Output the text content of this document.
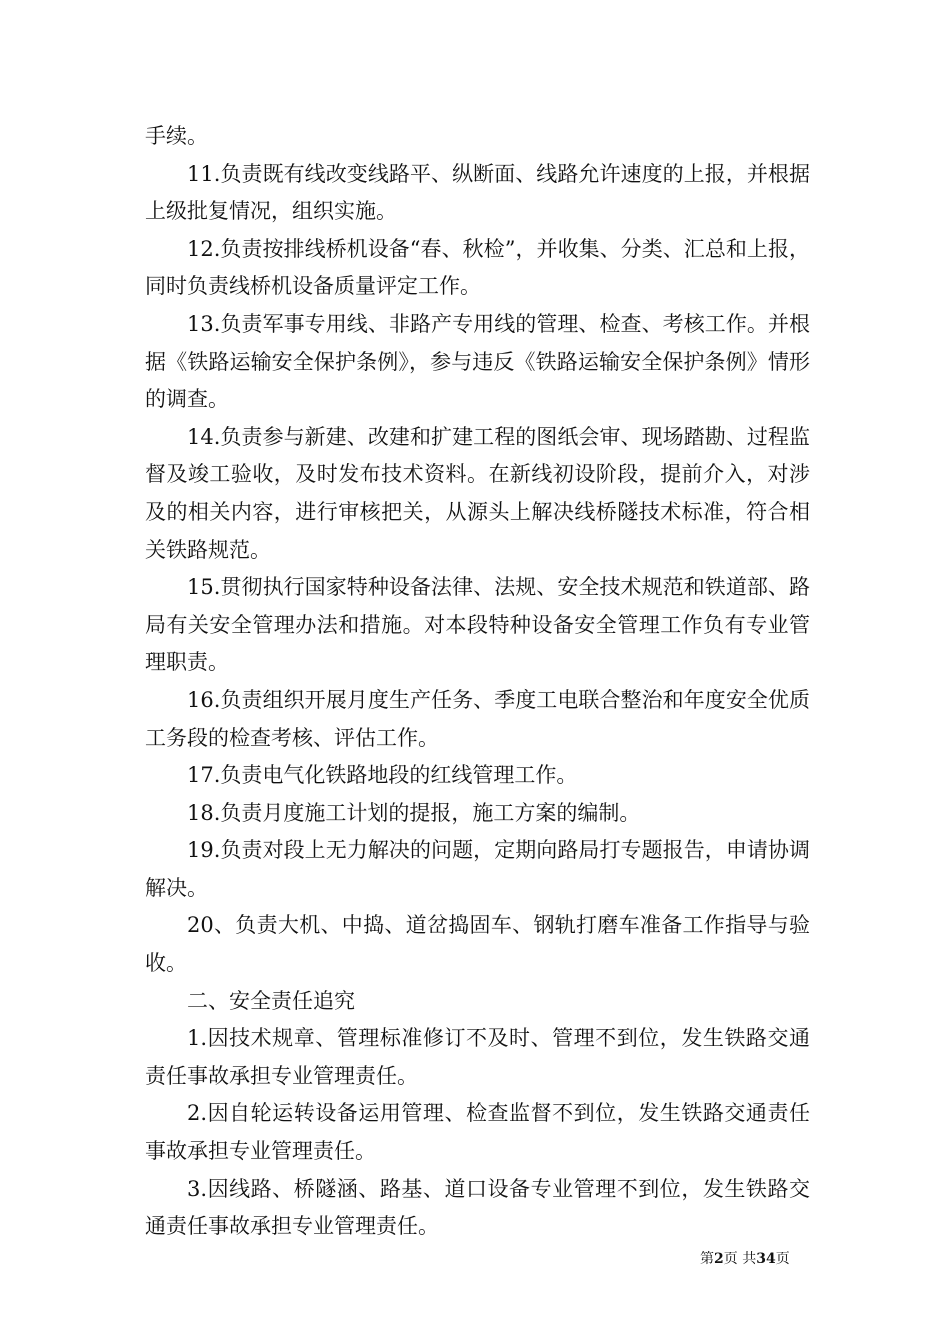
手续。

11.负责既有线改变线路平、纵断面、线路允许速度的上报，并根据上级批复情况，组织实施。

12.负责按排线桥机设备“春、秋检”，并收集、分类、汇总和上报，同时负责线桥机设备质量评定工作。

13.负责军事专用线、非路产专用线的管理、检查、考核工作。并根据《铁路运输安全保护条例》，参与违反《铁路运输安全保护条例》情形的调查。

14.负责参与新建、改建和扩建工程的图纸会审、现场踏勘、过程监督及竣工验收，及时发布技术资料。在新线初设阶段，提前介入，对涉及的相关内容，进行审核把关，从源头上解决线桥隧技术标准，符合相关铁路规范。

15.贯彻执行国家特种设备法律、法规、安全技术规范和铁道部、路局有关安全管理办法和措施。对本段特种设备安全管理工作负有专业管理职责。

16.负责组织开展月度生产任务、季度工电联合整治和年度安全优质工务段的检查考核、评估工作。

17.负责电气化铁路地段的红线管理工作。

18.负责月度施工计划的提报，施工方案的编制。

19.负责对段上无力解决的问题，定期向路局打专题报告，申请协调解决。

20、负责大机、中捣、道岔捣固车、钢轨打磨车准备工作指导与验收。

二、安全责任追究

1.因技术规章、管理标准修订不及时、管理不到位，发生铁路交通责任事故承担专业管理责任。

2.因自轮运转设备运用管理、检查监督不到位，发生铁路交通责任事故承担专业管理责任。

3.因线路、桥隧涵、路基、道口设备专业管理不到位，发生铁路交通责任事故承担专业管理责任。

第2页 共34页
